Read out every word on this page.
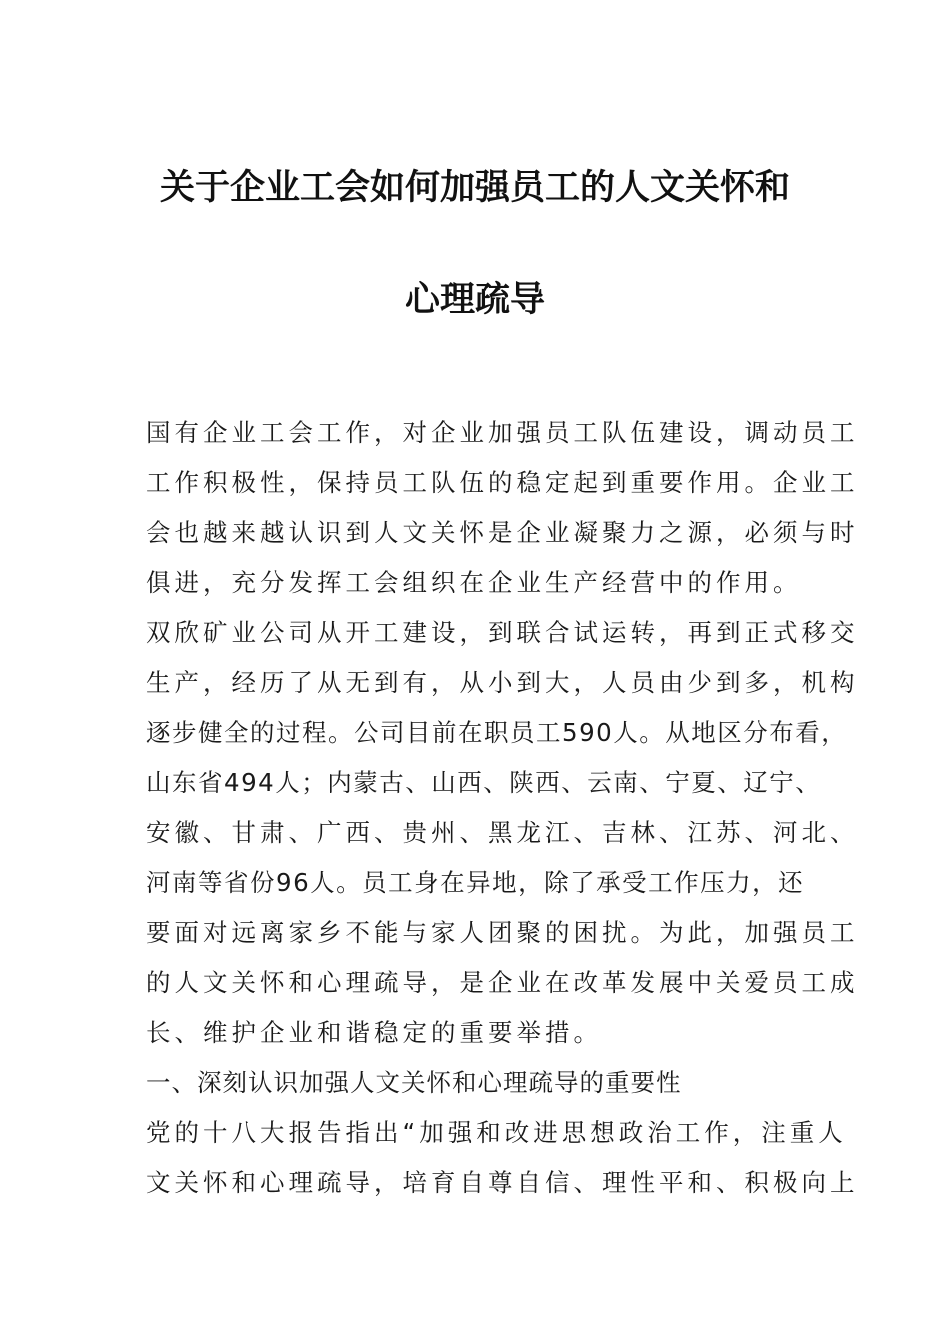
关于企业工会如何加强员工的人文关怀和
心理疏导
国有企业工会工作，对企业加强员工队伍建设，调动员工
工作积极性，保持员工队伍的稳定起到重要作用。企业工
会也越来越认识到人文关怀是企业凝聚力之源，必须与时
俱进，充分发挥工会组织在企业生产经营中的作用。
双欣矿业公司从开工建设，到联合试运转，再到正式移交
生产，经历了从无到有，从小到大，人员由少到多，机构
逐步健全的过程。公司目前在职员工590人。从地区分布看，
山东省494人；内蒙古、山西、陕西、云南、宁夏、辽宁、
安徽、甘肃、广西、贵州、黑龙江、吉林、江苏、河北、
河南等省份96人。员工身在异地，除了承受工作压力，还
要面对远离家乡不能与家人团聚的困扰。为此，加强员工
的人文关怀和心理疏导，是企业在改革发展中关爱员工成
长、维护企业和谐稳定的重要举措。
一、深刻认识加强人文关怀和心理疏导的重要性
党的十八大报告指出“加强和改进思想政治工作，注重人
文关怀和心理疏导，培育自尊自信、理性平和、积极向上
